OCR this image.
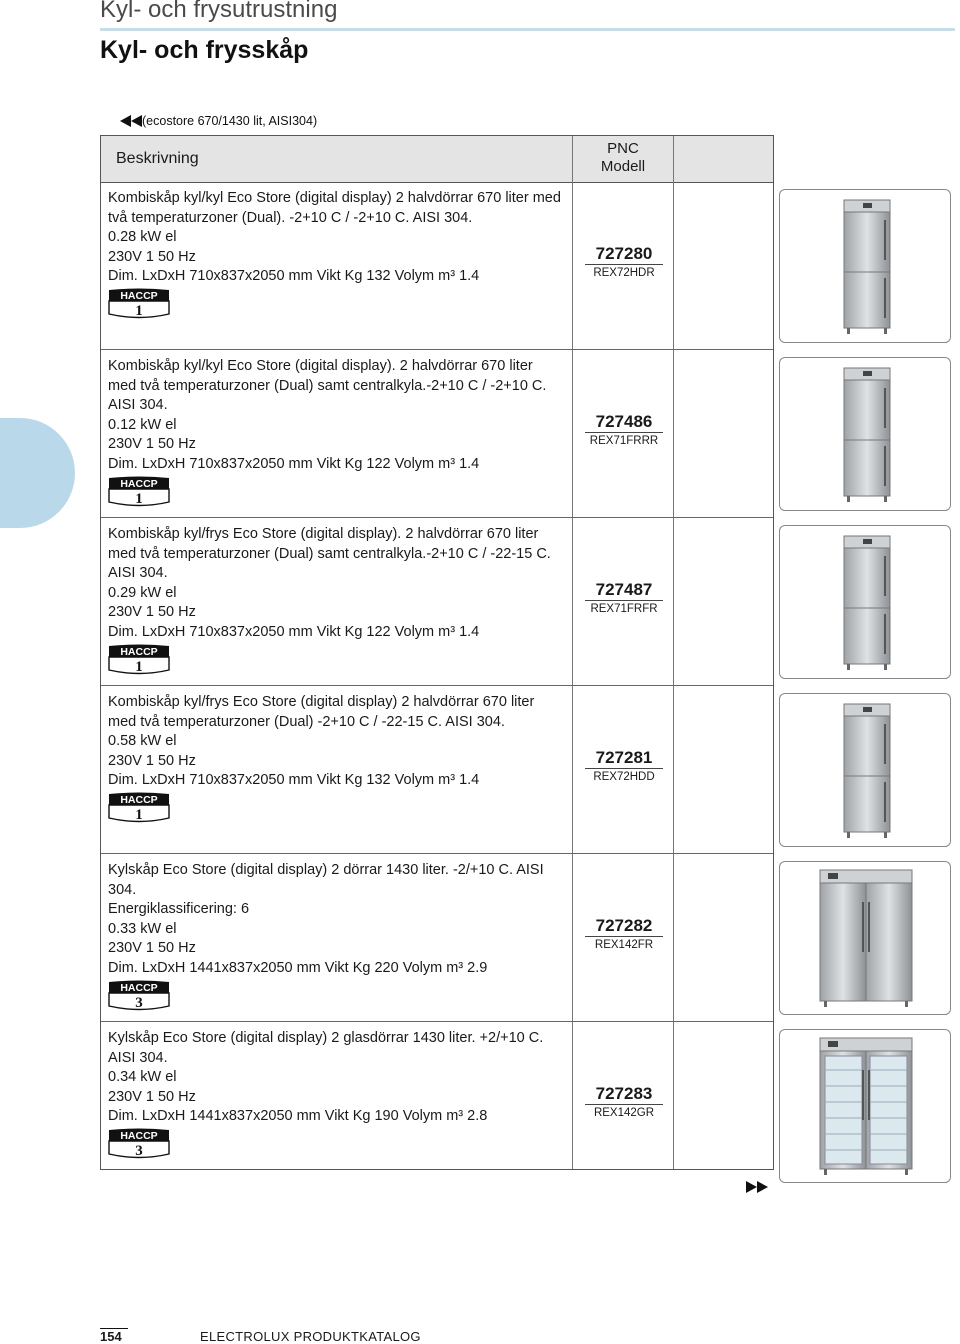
Kyl- och frysutrustning
Kyl- och frysskåp
(ecostore 670/1430 lit, AISI304)
Beskrivning
PNC
Modell
Kombiskåp kyl/kyl Eco Store (digital display) 2 halvdörrar 670 liter med två temperaturzoner (Dual). -2+10 C / -2+10 C. AISI 304.
0.28 kW el
230V 1 50 Hz
Dim. LxDxH 710x837x2050 mm Vikt Kg 132 Volym m³ 1.4
HACCP
1
727280
REX72HDR
Kombiskåp kyl/kyl Eco Store (digital display). 2 halvdörrar 670 liter med två temperaturzoner (Dual) samt centralkyla.-2+10 C / -2+10 C. AISI 304.
0.12 kW el
230V 1 50 Hz
Dim. LxDxH 710x837x2050 mm Vikt Kg 122 Volym m³ 1.4
HACCP
1
727486
REX71FRRR
Kombiskåp kyl/frys Eco Store (digital display). 2 halvdörrar 670 liter med två temperaturzoner (Dual) samt centralkyla.-2+10 C / -22-15 C. AISI 304.
0.29 kW el
230V 1 50 Hz
Dim. LxDxH 710x837x2050 mm Vikt Kg 122 Volym m³ 1.4
HACCP
1
727487
REX71FRFR
Kombiskåp kyl/frys Eco Store (digital display) 2 halvdörrar 670 liter med två temperaturzoner (Dual) -2+10 C / -22-15 C. AISI 304.
0.58 kW el
230V 1 50 Hz
Dim. LxDxH 710x837x2050 mm Vikt Kg 132 Volym m³ 1.4
HACCP
1
727281
REX72HDD
Kylskåp Eco Store (digital display) 2 dörrar 1430 liter. -2/+10 C. AISI 304.
Energiklassificering: 6
0.33 kW el
230V 1 50 Hz
Dim. LxDxH 1441x837x2050 mm Vikt Kg 220 Volym m³ 2.9
HACCP
3
727282
REX142FR
Kylskåp Eco Store (digital display) 2 glasdörrar 1430 liter. +2/+10 C. AISI 304.
0.34 kW el
230V 1 50 Hz
Dim. LxDxH 1441x837x2050 mm Vikt Kg 190 Volym m³ 2.8
HACCP
3
727283
REX142GR
154	ELECTROLUX PRODUKTKATALOG
